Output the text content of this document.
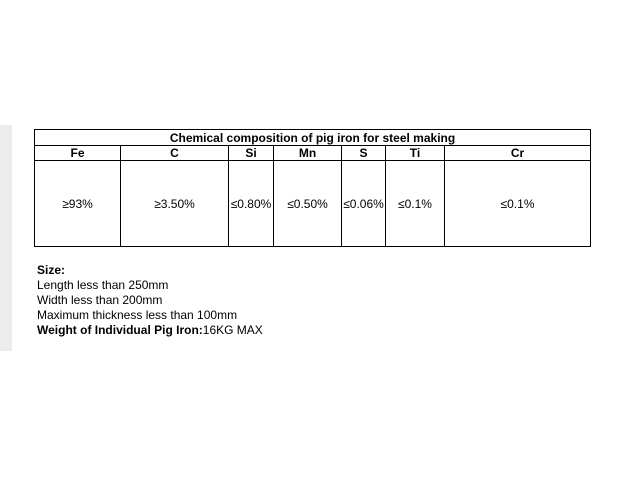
Chemical composition of pig iron for steel making						
Fe	C	Si	Mn	S	Ti	Cr
≥93%	≥3.50%	≤0.80%	≤0.50%	≤0.06%	≤0.1%	≤0.1%
Size:
Length less than 250mm
Width less than 200mm
Maximum thickness less than 100mm
Weight of Individual Pig Iron:16KG MAX
